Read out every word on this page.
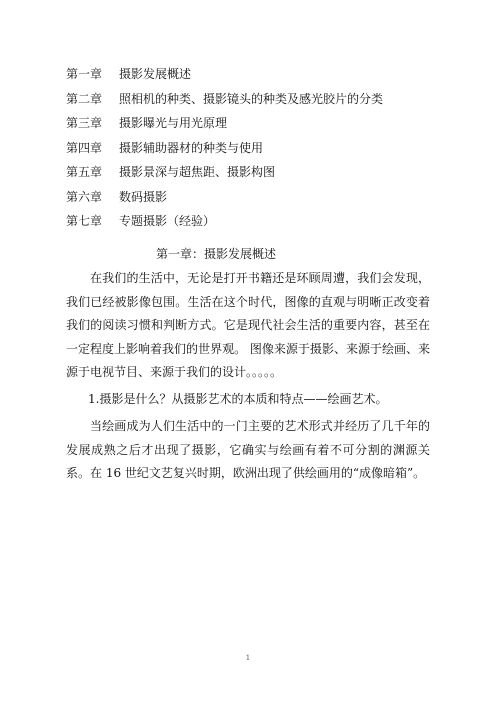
第一章 摄影发展概述
第二章 照相机的种类、摄影镜头的种类及感光胶片的分类
第三章 摄影曝光与用光原理
第四章 摄影辅助器材的种类与使用
第五章 摄影景深与超焦距、摄影构图
第六章 数码摄影
第七章 专题摄影（经验）
第一章：摄影发展概述

在我们的生活中，无论是打开书籍还是环顾周遭，我们会发现，我们已经被影像包围。生活在这个时代，图像的直观与明晰正改变着我们的阅读习惯和判断方式。它是现代社会生活的重要内容，甚至在一定程度上影响着我们的世界观。 图像来源于摄影、来源于绘画、来源于电视节目、来源于我们的设计。。。。。

1.摄影是什么？从摄影艺术的本质和特点——绘画艺术。

当绘画成为人们生活中的一门主要的艺术形式并经历了几千年的发展成熟之后才出现了摄影，它确实与绘画有着不可分割的渊源关系。在 16 世纪文艺复兴时期，欧洲出现了供绘画用的“成像暗箱”。

1
